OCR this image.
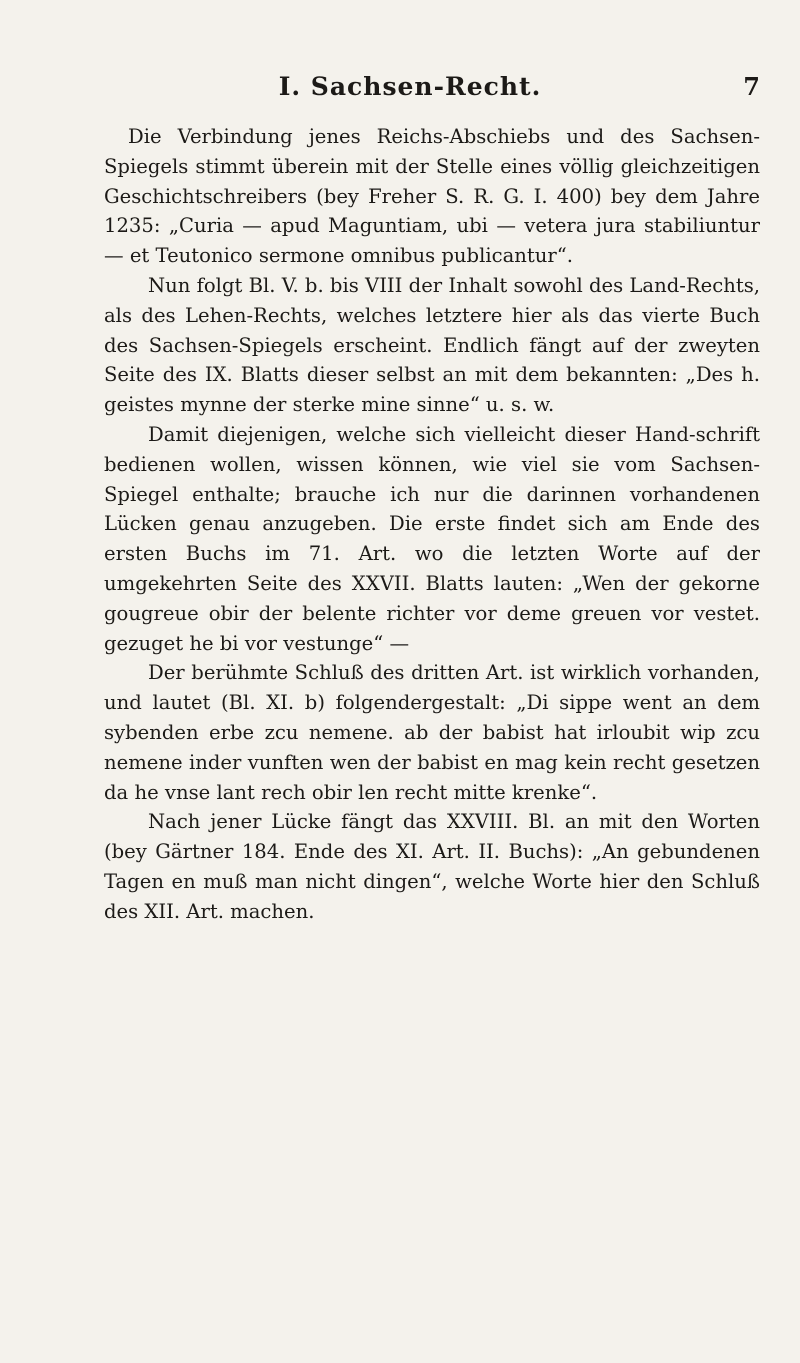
I. Sachsen-Recht.	7

Die Verbindung jenes Reichs-Abschiebs und des Sachsen-Spiegels stimmt überein mit der Stelle eines völlig gleichzeitigen Geschichtschreibers (bey Freher S. R. G. I. 400) bey dem Jahre 1235: „Curia — apud Maguntiam, ubi — vetera jura stabiliuntur — et Teutonico sermone omnibus publicantur“.

Nun folgt Bl. V. b. bis VIII der Inhalt sowohl des Land-Rechts, als des Lehen-Rechts, welches letztere hier als das vierte Buch des Sachsen-Spiegels erscheint. Endlich fängt auf der zweyten Seite des IX. Blatts dieser selbst an mit dem bekannten: „Des h. geistes mynne der sterke mine sinne“ u. s. w.

Damit diejenigen, welche sich vielleicht dieser Hand-schrift bedienen wollen, wissen können, wie viel sie vom Sachsen-Spiegel enthalte; brauche ich nur die darinnen vorhandenen Lücken genau anzugeben. Die erste findet sich am Ende des ersten Buchs im 71. Art. wo die letzten Worte auf der umgekehrten Seite des XXVII. Blatts lauten: „Wen der gekorne gougreue obir der belente richter vor deme greuen vor vestet. gezuget he bi vor vestunge“ —

Der berühmte Schluß des dritten Art. ist wirklich vorhanden, und lautet (Bl. XI. b) folgendergestalt: „Di sippe went an dem sybenden erbe zcu nemene. ab der babist hat irloubit wip zcu nemene inder vunften wen der babist en mag kein recht gesetzen da he vnse lant rech obir len recht mitte krenke“.

Nach jener Lücke fängt das XXVIII. Bl. an mit den Worten (bey Gärtner 184. Ende des XI. Art. II. Buchs): „An gebundenen Tagen en muß man nicht dingen“, welche Worte hier den Schluß des XII. Art. machen.
